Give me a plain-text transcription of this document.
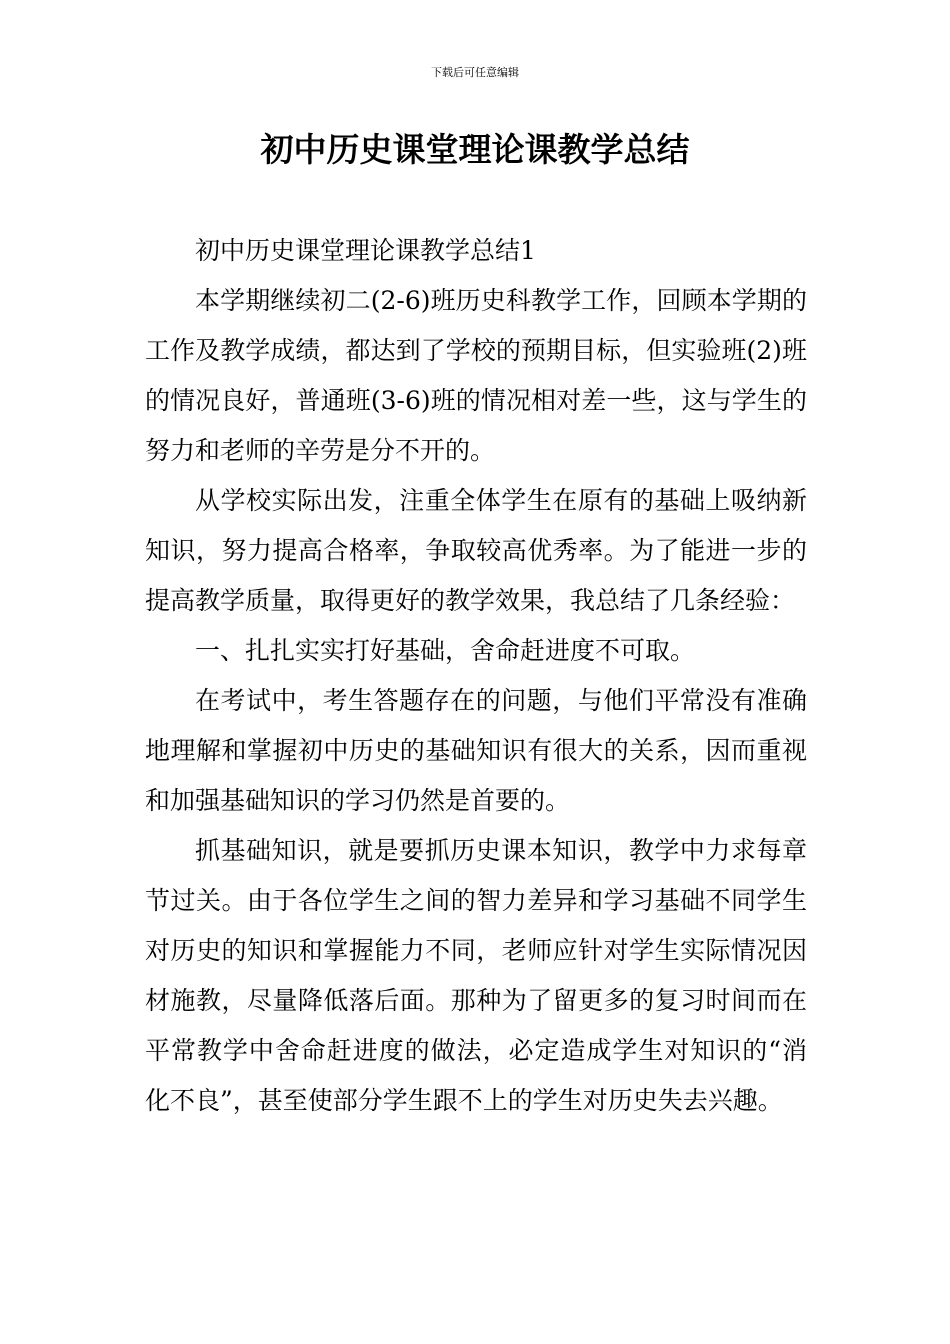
下载后可任意编辑
初中历史课堂理论课教学总结

初中历史课堂理论课教学总结1

本学期继续初二(2-6)班历史科教学工作，回顾本学期的工作及教学成绩，都达到了学校的预期目标，但实验班(2)班的情况良好，普通班(3-6)班的情况相对差一些，这与学生的努力和老师的辛劳是分不开的。

从学校实际出发，注重全体学生在原有的基础上吸纳新知识，努力提高合格率，争取较高优秀率。为了能进一步的提高教学质量，取得更好的教学效果，我总结了几条经验：

一、扎扎实实打好基础，舍命赶进度不可取。

在考试中，考生答题存在的问题，与他们平常没有准确地理解和掌握初中历史的基础知识有很大的关系，因而重视和加强基础知识的学习仍然是首要的。

抓基础知识，就是要抓历史课本知识，教学中力求每章节过关。由于各位学生之间的智力差异和学习基础不同学生对历史的知识和掌握能力不同，老师应针对学生实际情况因材施教，尽量降低落后面。那种为了留更多的复习时间而在平常教学中舍命赶进度的做法，必定造成学生对知识的“消化不良”，甚至使部分学生跟不上的学生对历史失去兴趣。
